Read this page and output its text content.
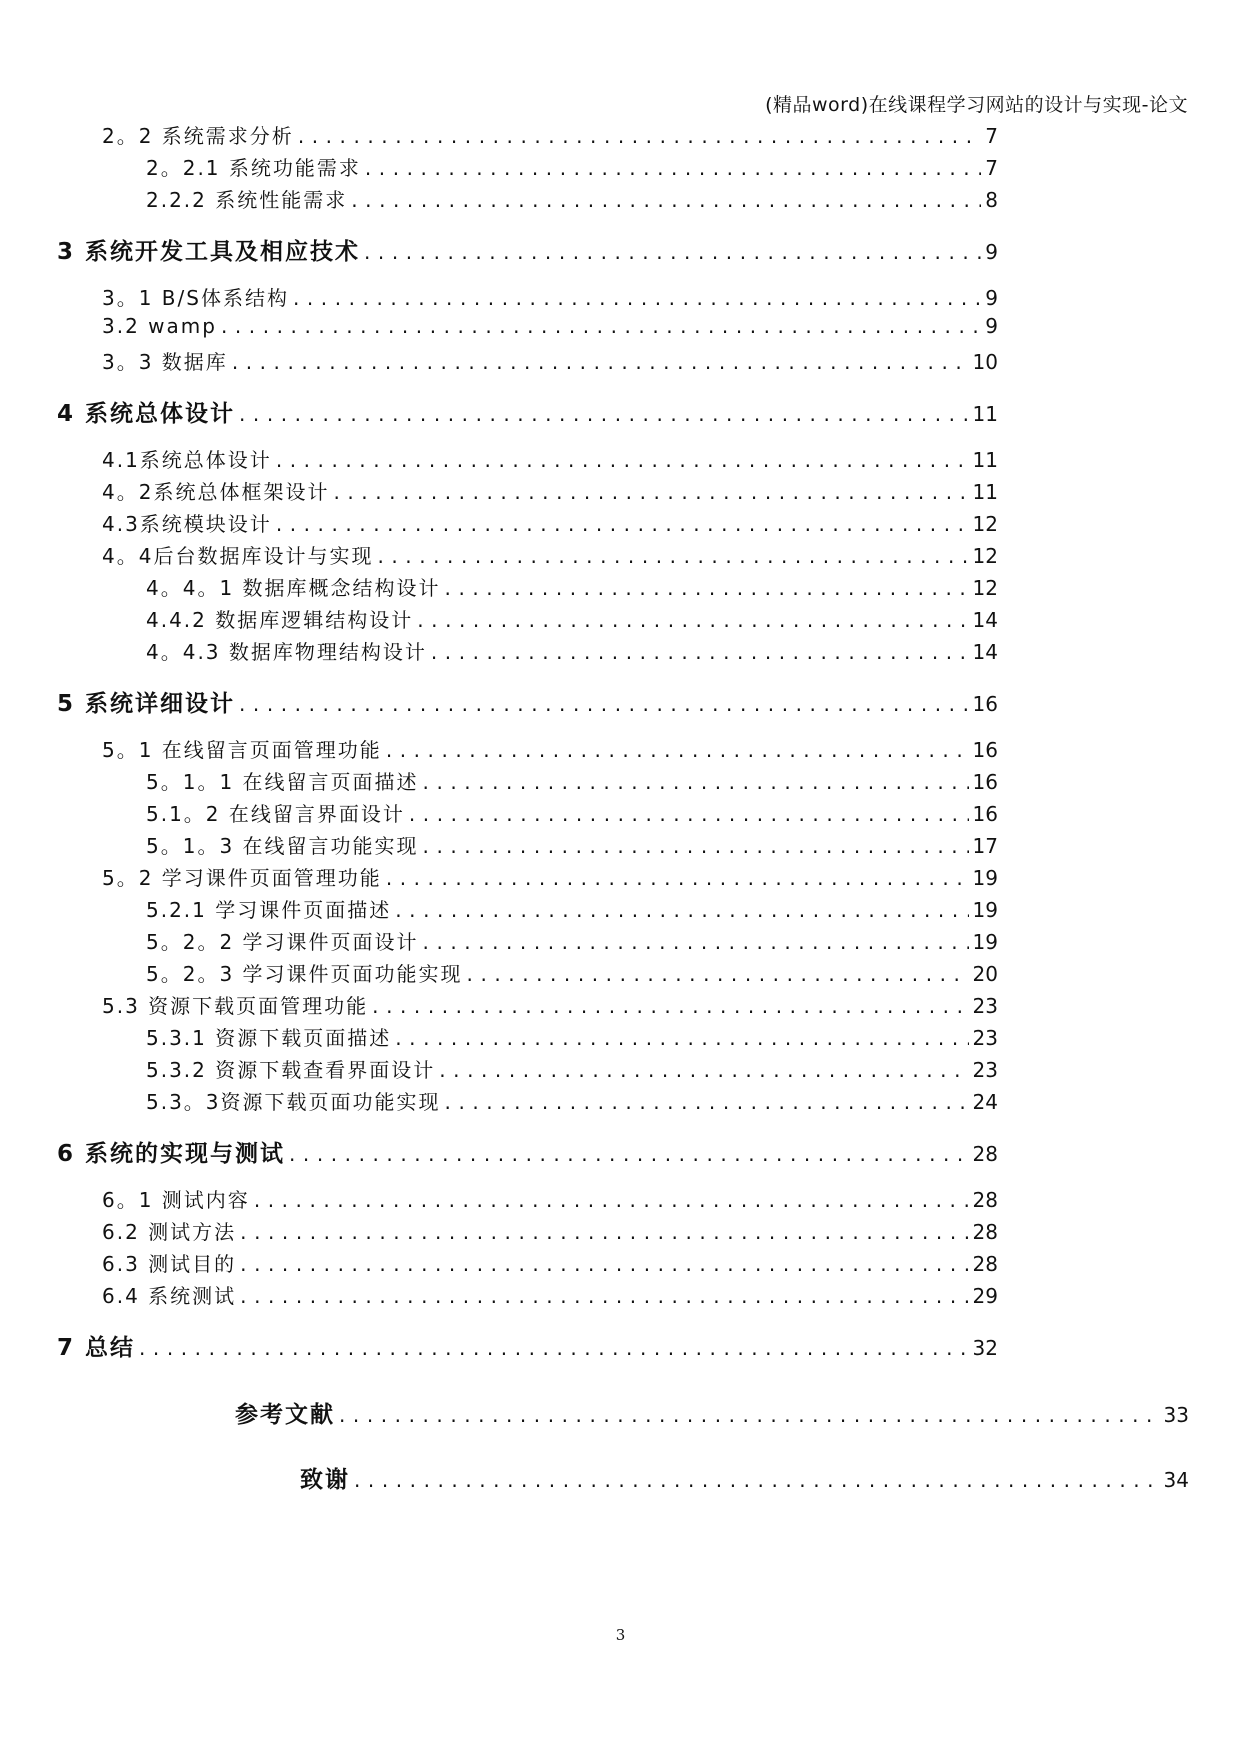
(精品word)在线课程学习网站的设计与实现-论文
2。2 系统需求分析 . . .	7
2。2.1 系统功能需求 . . .	7
2.2.2 系统性能需求 . . .	8
3 系统开发工具及相应技术 . . .	9
3。1 B/S体系结构 . . .	9
3.2 wamp . . .	9
3。3 数据库 . . .	10
4 系统总体设计 . . .	11
4.1系统总体设计 . . .	11
4。2系统总体框架设计 . . .	11
4.3系统模块设计 . . .	12
4。4后台数据库设计与实现 . . .	12
4。4。1 数据库概念结构设计 . . .	12
4.4.2 数据库逻辑结构设计 . . .	14
4。4.3 数据库物理结构设计 . . .	14
5 系统详细设计 . . .	16
5。1 在线留言页面管理功能 . . .	16
5。1。1 在线留言页面描述 . . .	16
5.1。2 在线留言界面设计 . . .	16
5。1。3 在线留言功能实现 . . .	17
5。2 学习课件页面管理功能 . . .	19
5.2.1 学习课件页面描述 . . .	19
5。2。2 学习课件页面设计 . . .	19
5。2。3 学习课件页面功能实现 . . .	20
5.3 资源下载页面管理功能 . . .	23
5.3.1 资源下载页面描述 . . .	23
5.3.2 资源下载查看界面设计 . . .	23
5.3。3资源下载页面功能实现 . . .	24
6 系统的实现与测试 . . .	28
6。1 测试内容 . . .	28
6.2 测试方法 . . .	28
6.3 测试目的 . . .	28
6.4 系统测试 . . .	29
7 总结 . . .	32
参考文献 . . .	33
致谢 . . .	34
3
